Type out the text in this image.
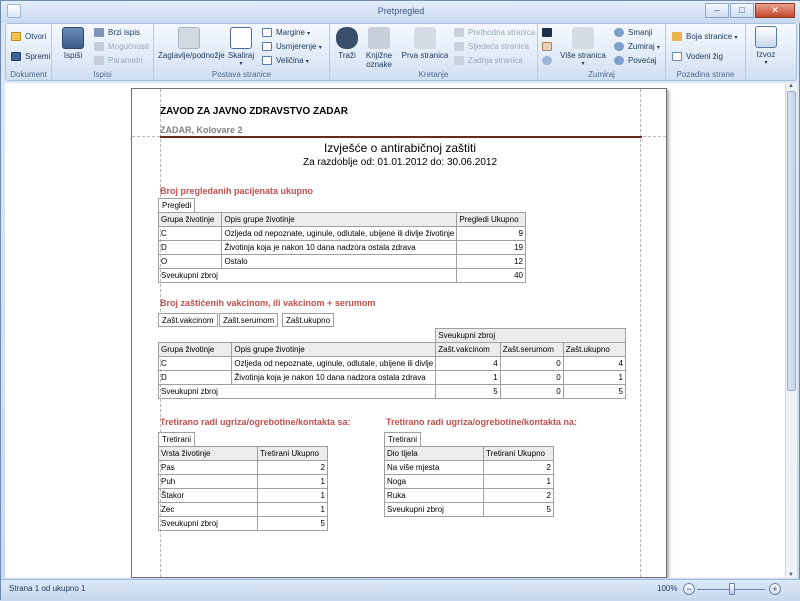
Pretpregled	–	□	✕
Otvori
Spremi
Dokument
Ispiši
Brzi ispis
Mogućnosti
Parametri
Ispisi
Zaglavlje/podnožje Skaliraj
▾
Margine ▾
Usmjerenje ▾
Veličina ▾
Postava stranice
Traži	Knjižne oznake
Prva stranica
Prethodna stranica
Sljedeća stranica
Zadnja stranica
Kretanje
Više stranica
▾
Smanji
Zumiraj ▾
Povećaj
Zumiraj
Boja stranice ▾
Vodeni žig
Pozadina strane
Izvoz
▾
ZAVOD ZA JAVNO ZDRAVSTVO ZADAR
ZADAR, Kolovare 2
Izvješće o antirabičnoj zaštiti
Za razdoblje od: 01.01.2012 do: 30.06.2012
Broj pregledanih pacijenata ukupno
Pregledi
Grupa životinje	Opis grupe životinje	Pregledi Ukupno
C	Ozljeda od nepoznate, uginule, odlutale, ubijene ili divlje životinje	9
D	Životinja koja je nakon 10 dana nadzora ostala zdrava	19
O	Ostalo	12
Sveukupni zbroj		40
Broj zaštićenih vakcinom, ili vakcinom + serumom
Zašt.vakcinom	Zašt.serumom	Zašt.ukupno
		Sveukupni zbroj		
Grupa životinje	Opis grupe životinje	Zašt.vakcinom	Zašt.serumom	Zašt.ukupno
C	Ozljeda od nepoznate, uginule, odlutale, ubijene ili divlje	4	0	4
D	Životinja koja je nakon 10 dana nadzora ostala zdrava	1	0	1
Sveukupni zbroj		5	0	5
Tretirano radi ugriza/ogrebotine/kontakta sa:
Tretirani
Vrsta životinje	Tretirani Ukupno
Pas	2
Puh	1
Štakor	1
Zec	1
Sveukupni zbroj	5
Tretirano radi ugriza/ogrebotine/kontakta na:
Tretirani
Dio tijela	Tretirani Ukupno
Na više mjesta	2
Noga	1
Ruka	2
Sveukupni zbroj	5
▲
▼
Strana 1 od ukupno 1	100% −	+
